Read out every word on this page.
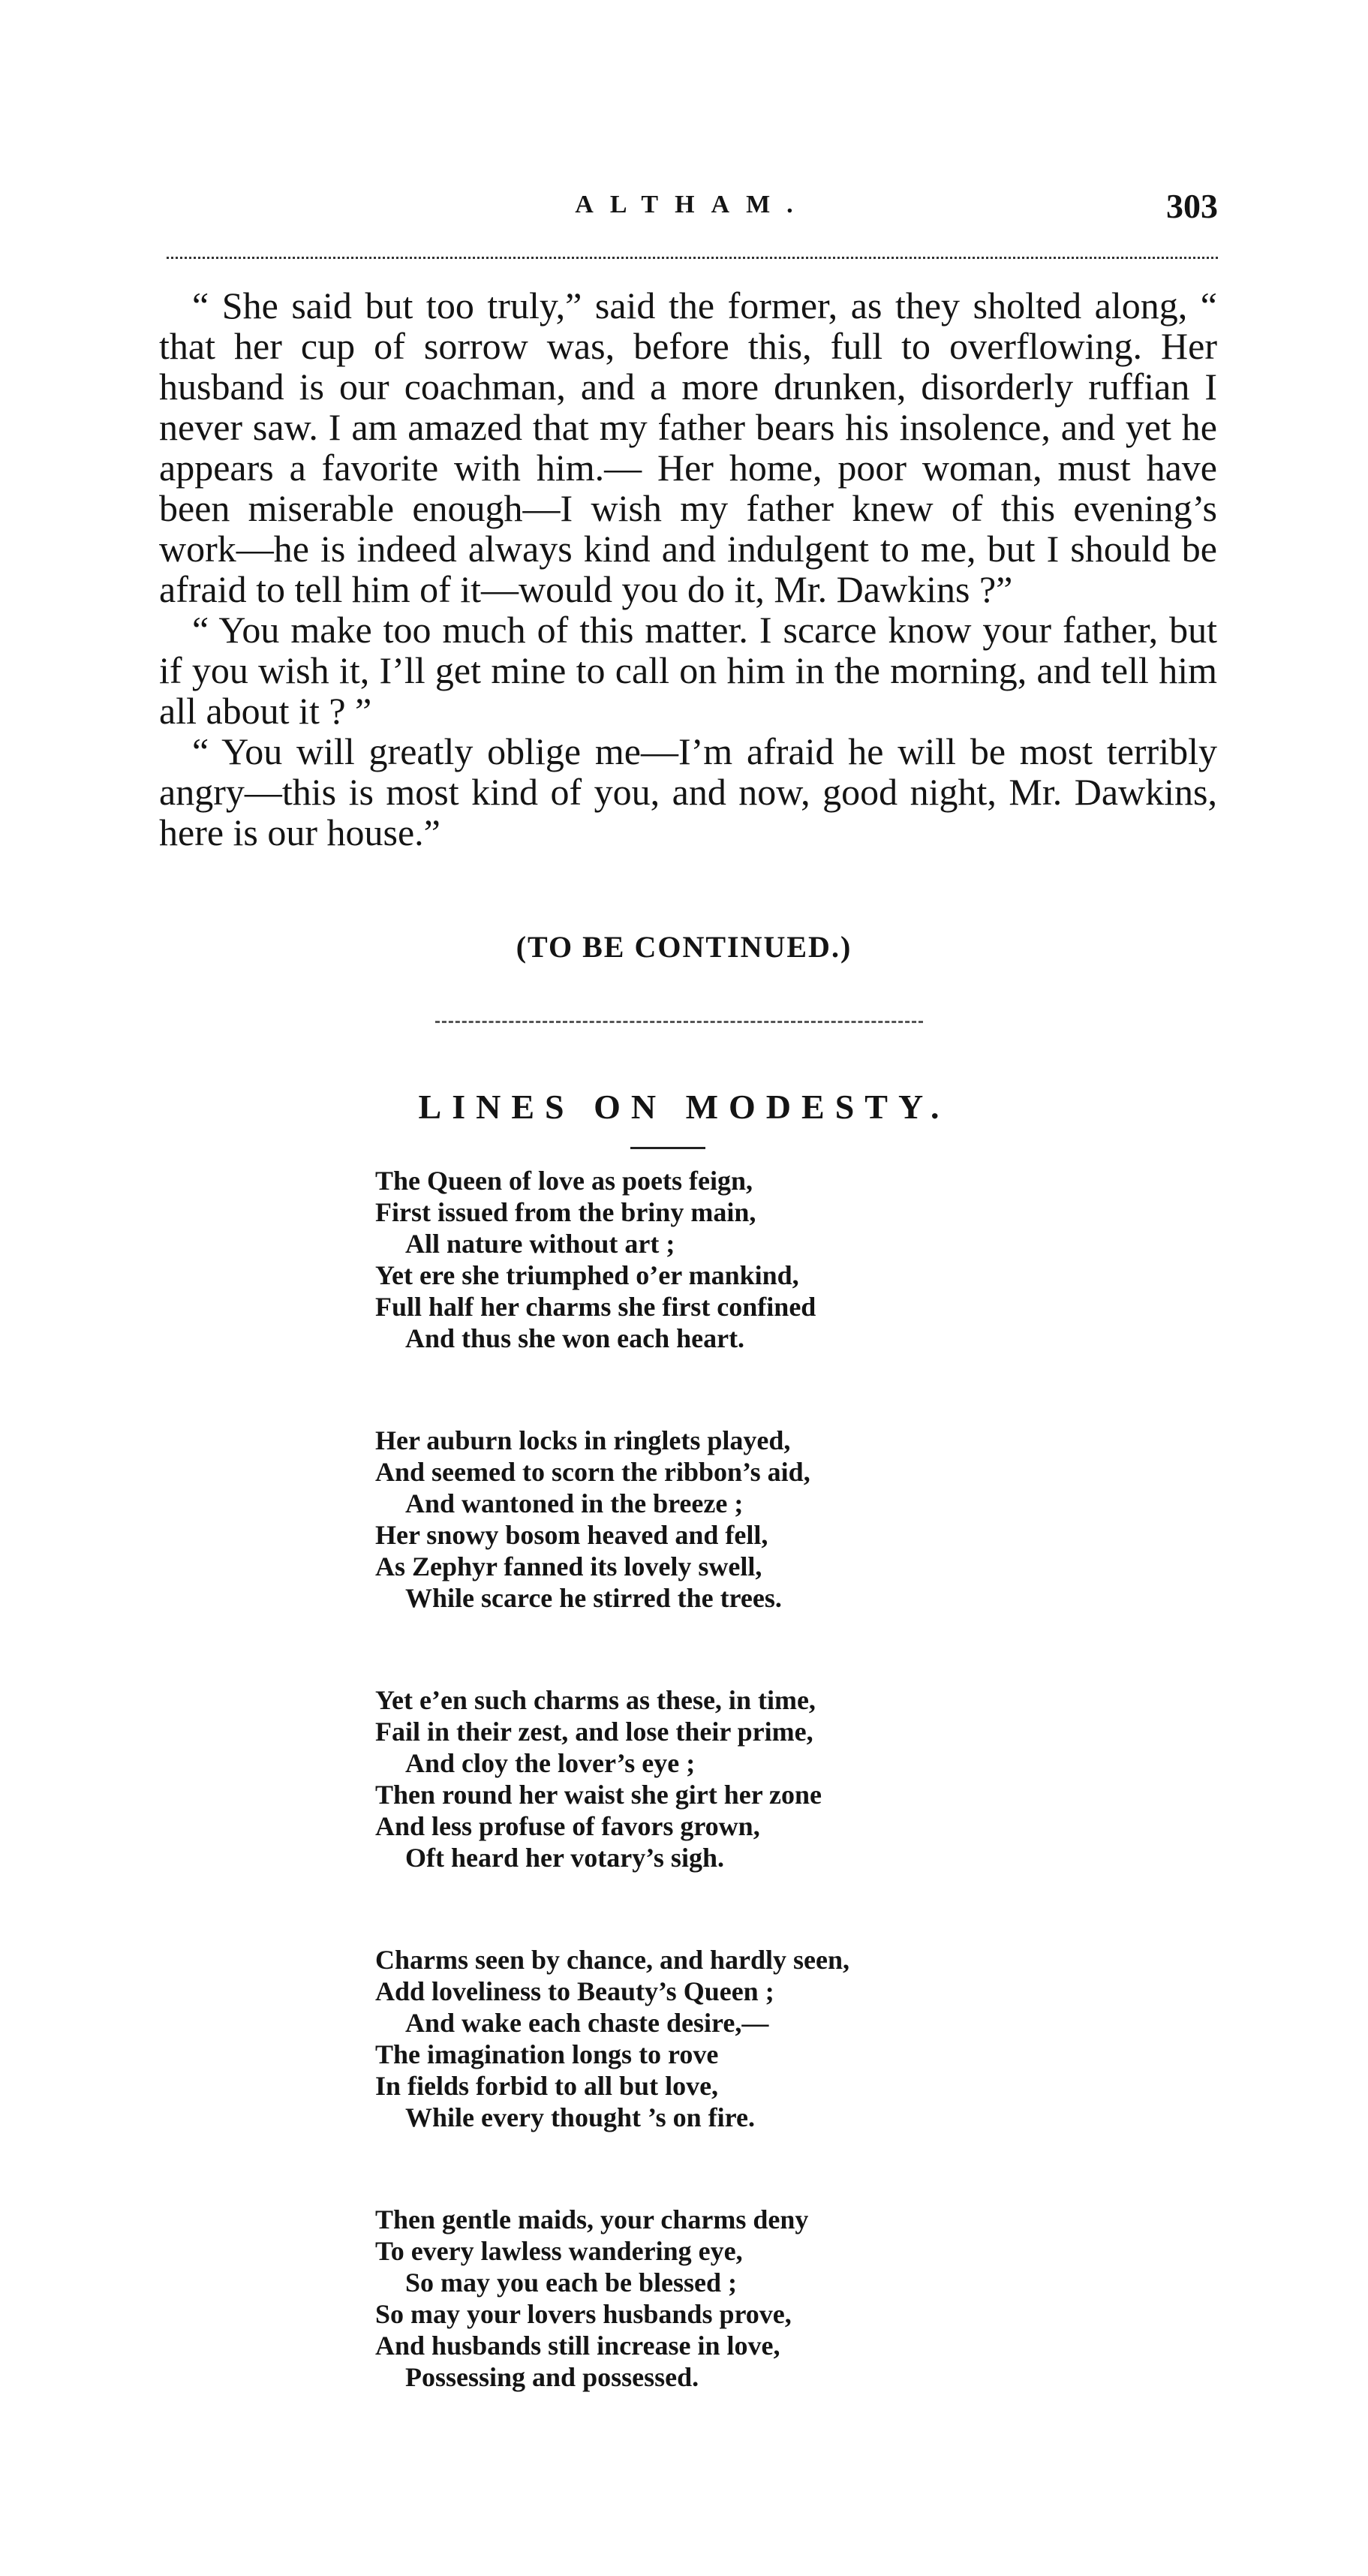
ALTHAM.	303

“ She said but too truly,” said the former, as they sholted along, “ that her cup of sorrow was, before this, full to overflowing. Her husband is our coachman, and a more drunken, disorderly ruffian I never saw. I am amazed that my father bears his insolence, and yet he appears a favorite with him.— Her home, poor woman, must have been miserable enough—I wish my father knew of this evening’s work—he is indeed always kind and indulgent to me, but I should be afraid to tell him of it—would you do it, Mr. Dawkins ?”

“ You make too much of this matter. I scarce know your father, but if you wish it, I’ll get mine to call on him in the morning, and tell him all about it ? ”

“ You will greatly oblige me—I’m afraid he will be most terribly angry—this is most kind of you, and now, good night, Mr. Dawkins, here is our house.”

(TO BE CONTINUED.)
LINES ON MODESTY.
The Queen of love as poets feign,
First issued from the briny main,
All nature without art ;
Yet ere she triumphed o’er mankind,
Full half her charms she first confined
And thus she won each heart.
Her auburn locks in ringlets played,
And seemed to scorn the ribbon’s aid,
And wantoned in the breeze ;
Her snowy bosom heaved and fell,
As Zephyr fanned its lovely swell,
While scarce he stirred the trees.
Yet e’en such charms as these, in time,
Fail in their zest, and lose their prime,
And cloy the lover’s eye ;
Then round her waist she girt her zone
And less profuse of favors grown,
Oft heard her votary’s sigh.
Charms seen by chance, and hardly seen,
Add loveliness to Beauty’s Queen ;
And wake each chaste desire,—
The imagination longs to rove
In fields forbid to all but love,
While every thought ’s on fire.
Then gentle maids, your charms deny
To every lawless wandering eye,
So may you each be blessed ;
So may your lovers husbands prove,
And husbands still increase in love,
Possessing and possessed.
